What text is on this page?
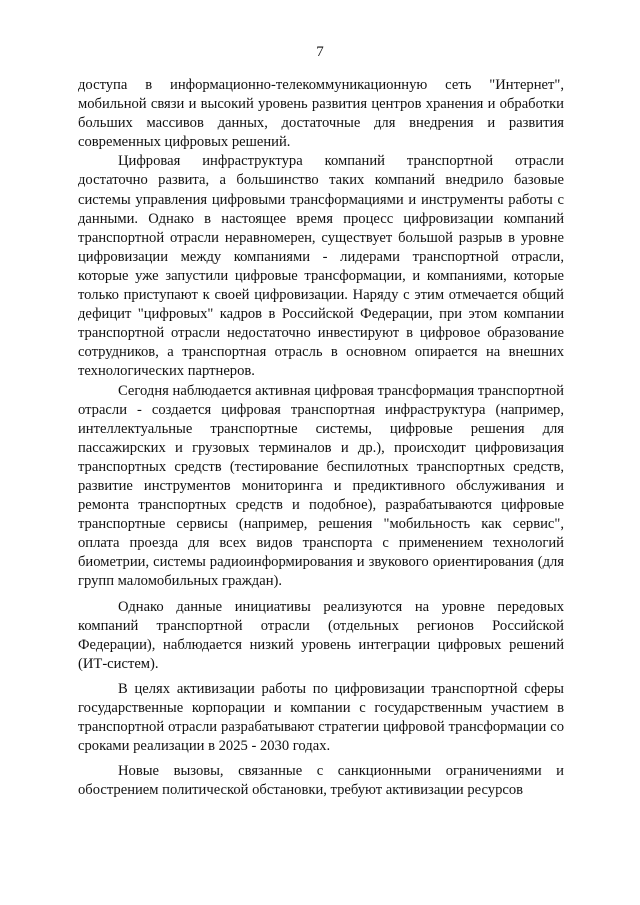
7

доступа в информационно-телекоммуникационную сеть "Интернет", мобильной связи и высокий уровень развития центров хранения и обработки больших массивов данных, достаточные для внедрения и развития современных цифровых решений.

Цифровая инфраструктура компаний транспортной отрасли достаточно развита, а большинство таких компаний внедрило базовые системы управления цифровыми трансформациями и инструменты работы с данными. Однако в настоящее время процесс цифровизации компаний транспортной отрасли неравномерен, существует большой разрыв в уровне цифровизации между компаниями - лидерами транспортной отрасли, которые уже запустили цифровые трансформации, и компаниями, которые только приступают к своей цифровизации. Наряду с этим отмечается общий дефицит "цифровых" кадров в Российской Федерации, при этом компании транспортной отрасли недостаточно инвестируют в цифровое образование сотрудников, а транспортная отрасль в основном опирается на внешних технологических партнеров.

Сегодня наблюдается активная цифровая трансформация транспортной отрасли - создается цифровая транспортная инфраструктура (например, интеллектуальные транспортные системы, цифровые решения для пассажирских и грузовых терминалов и др.), происходит цифровизация транспортных средств (тестирование беспилотных транспортных средств, развитие инструментов мониторинга и предиктивного обслуживания и ремонта транспортных средств и подобное), разрабатываются цифровые транспортные сервисы (например, решения "мобильность как сервис", оплата проезда для всех видов транспорта с применением технологий биометрии, системы радиоинформирования и звукового ориентирования (для групп маломобильных граждан).

Однако данные инициативы реализуются на уровне передовых компаний транспортной отрасли (отдельных регионов Российской Федерации), наблюдается низкий уровень интеграции цифровых решений (ИТ-систем).

В целях активизации работы по цифровизации транспортной сферы государственные корпорации и компании с государственным участием в транспортной отрасли разрабатывают стратегии цифровой трансформации со сроками реализации в 2025 - 2030 годах.

Новые вызовы, связанные с санкционными ограничениями и обострением политической обстановки, требуют активизации ресурсов
